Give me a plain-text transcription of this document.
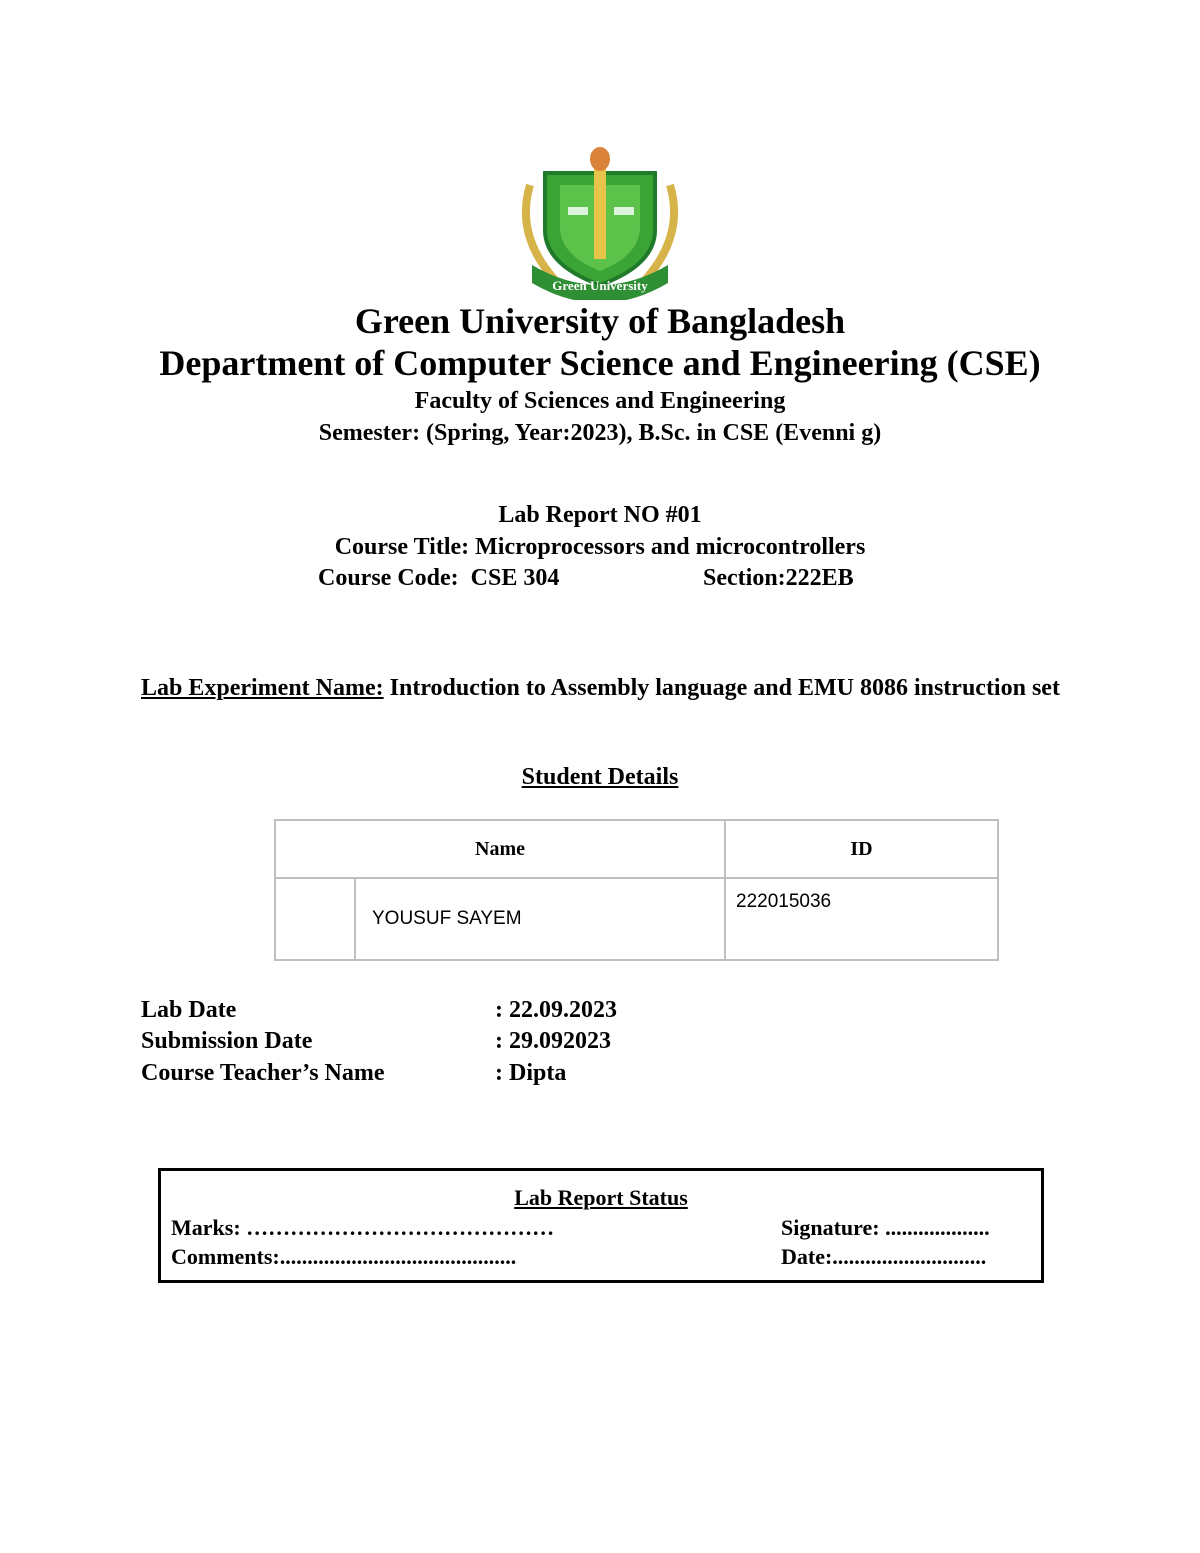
Green University
Green University of Bangladesh
Department of Computer Science and Engineering (CSE)
Faculty of Sciences and Engineering
Semester: (Spring, Year:2023), B.Sc. in CSE (Evenni g)
Lab Report NO #01
Course Title: Microprocessors and microcontrollers
Course Code:  CSE 304	Section:222EB
Lab Experiment Name: Introduction to Assembly language and EMU 8086 instruction set
Student Details
Name		ID
	YOUSUF SAYEM	222015036
Lab Date	: 22.09.2023
Submission Date	: 29.092023
Course Teacher’s Name	: Dipta
Lab Report Status
Marks: ……………………………………	Signature: ...................
Comments:...........................................	Date:............................
